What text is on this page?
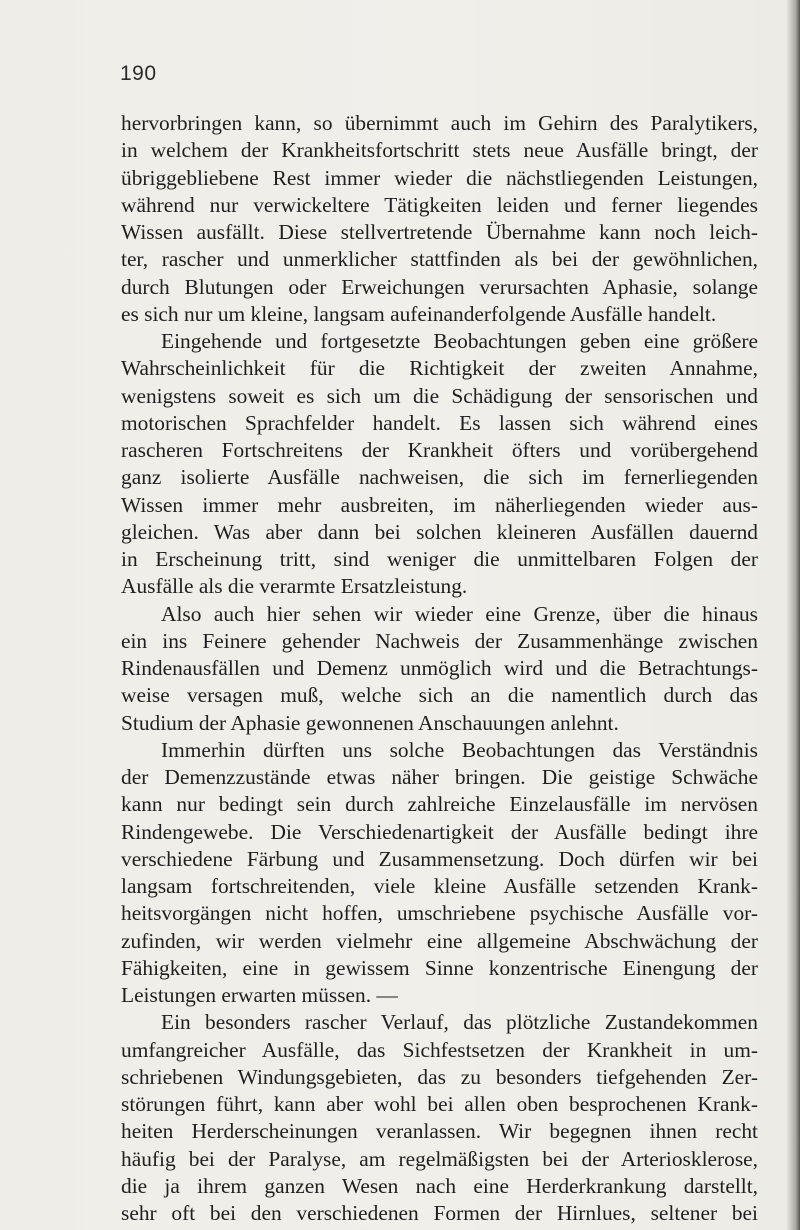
190
hervorbringen kann, so übernimmt auch im Gehirn des Paralytikers,
in welchem der Krankheitsfortschritt stets neue Ausfälle bringt, der
übriggebliebene Rest immer wieder die nächstliegenden Leistungen,
während nur verwickeltere Tätigkeiten leiden und ferner liegendes
Wissen ausfällt. Diese stellvertretende Übernahme kann noch leich-
ter, rascher und unmerklicher stattfinden als bei der gewöhnlichen,
durch Blutungen oder Erweichungen verursachten Aphasie, solange
es sich nur um kleine, langsam aufeinanderfolgende Ausfälle handelt.
Eingehende und fortgesetzte Beobachtungen geben eine größere
Wahrscheinlichkeit für die Richtigkeit der zweiten Annahme,
wenigstens soweit es sich um die Schädigung der sensorischen und
motorischen Sprachfelder handelt. Es lassen sich während eines
rascheren Fortschreitens der Krankheit öfters und vorübergehend
ganz isolierte Ausfälle nachweisen, die sich im fernerliegenden
Wissen immer mehr ausbreiten, im näherliegenden wieder aus-
gleichen. Was aber dann bei solchen kleineren Ausfällen dauernd
in Erscheinung tritt, sind weniger die unmittelbaren Folgen der
Ausfälle als die verarmte Ersatzleistung.
Also auch hier sehen wir wieder eine Grenze, über die hinaus
ein ins Feinere gehender Nachweis der Zusammenhänge zwischen
Rindenausfällen und Demenz unmöglich wird und die Betrachtungs-
weise versagen muß, welche sich an die namentlich durch das
Studium der Aphasie gewonnenen Anschauungen anlehnt.
Immerhin dürften uns solche Beobachtungen das Verständnis
der Demenzzustände etwas näher bringen. Die geistige Schwäche
kann nur bedingt sein durch zahlreiche Einzelausfälle im nervösen
Rindengewebe. Die Verschiedenartigkeit der Ausfälle bedingt ihre
verschiedene Färbung und Zusammensetzung. Doch dürfen wir bei
langsam fortschreitenden, viele kleine Ausfälle setzenden Krank-
heitsvorgängen nicht hoffen, umschriebene psychische Ausfälle vor-
zufinden, wir werden vielmehr eine allgemeine Abschwächung der
Fähigkeiten, eine in gewissem Sinne konzentrische Einengung der
Leistungen erwarten müssen. —
Ein besonders rascher Verlauf, das plötzliche Zustandekommen
umfangreicher Ausfälle, das Sichfestsetzen der Krankheit in um-
schriebenen Windungsgebieten, das zu besonders tiefgehenden Zer-
störungen führt, kann aber wohl bei allen oben besprochenen Krank-
heiten Herderscheinungen veranlassen. Wir begegnen ihnen recht
häufig bei der Paralyse, am regelmäßigsten bei der Arteriosklerose,
die ja ihrem ganzen Wesen nach eine Herderkrankung darstellt,
sehr oft bei den verschiedenen Formen der Hirnlues, seltener bei
